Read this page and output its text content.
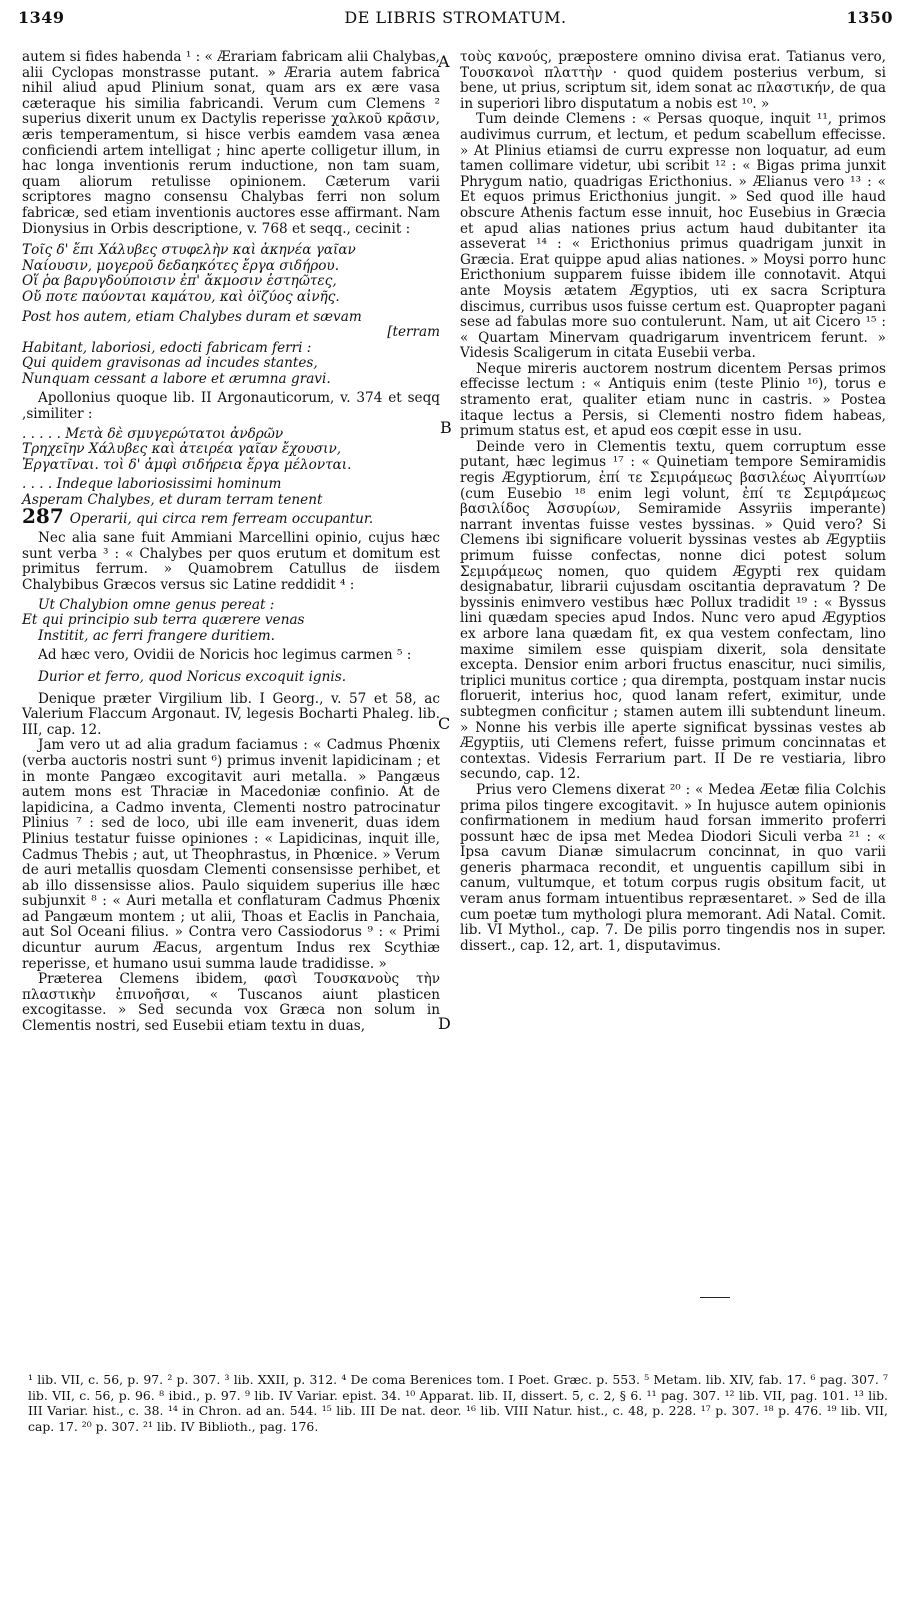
1349	DE LIBRIS STROMATUM.	1350
A
B
C
D

autem si fides habenda ¹ : « Ærariam fabricam alii Chalybas, alii Cyclopas monstrasse putant. » Æraria autem fabrica nihil aliud apud Plinium sonat, quam ars ex ære vasa cæteraque his similia fabricandi. Verum cum Clemens ² superius dixerit unum ex Dactylis reperisse χαλκοῦ κρᾶσιν, æris temperamentum, si hisce verbis eamdem vasa ænea conficiendi artem intelligat ; hinc aperte colligetur illum, in hac longa inventionis rerum inductione, non tam suam, quam aliorum retulisse opinionem. Cæterum varii scriptores magno consensu Chalybas ferri non solum fabricæ, sed etiam inventionis auctores esse affirmant. Nam Dionysius in Orbis descriptione, v. 768 et seqq., cecinit :

Τοῖς δ' ἔπι Χάλυβες στυφελὴν καὶ ἀκηνέα γαῖαν
Ναίουσιν, μογεροῦ δεδαηκότες ἔργα σιδήρου.
Οἵ ῥα βαρυγδούποισιν ἐπ' ἄκμοσιν ἑστηῶτες,
Οὔ ποτε παύονται καμάτου, καὶ ὀϊζύος αἰνῆς.
Post hos autem, etiam Chalybes duram et sævam
[terram
Habitant, laboriosi, edocti fabricam ferri :
Qui quidem gravisonas ad incudes stantes,
Nunquam cessant a labore et ærumna gravi.

Apollonius quoque lib. II Argonauticorum, v. 374 et seqq ,similiter :

. . . . . Μετὰ δὲ σμυγερώτατοι ἀνδρῶν
Τρηχεῖην Χάλυβες καὶ ἀτειρέα γαῖαν ἔχουσιν,
Ἐργατῖναι. τοὶ δ' ἀμφὶ σιδήρεια ἔργα μέλονται.
. . . . Indeque laboriosissimi hominum
Asperam Chalybes, et duram terram tenent
287 Operarii, qui circa rem ferream occupantur.

Nec alia sane fuit Ammiani Marcellini opinio, cujus hæc sunt verba ³ : « Chalybes per quos erutum et domitum est primitus ferrum. » Quamobrem Catullus de iisdem Chalybibus Græcos versus sic Latine reddidit ⁴ :

Ut Chalybion omne genus pereat :
Et qui principio sub terra quærere venas
Institit, ac ferri frangere duritiem.

Ad hæc vero, Ovidii de Noricis hoc legimus carmen ⁵ :

Durior et ferro, quod Noricus excoquit ignis.

Denique præter Virgilium lib. I Georg., v. 57 et 58, ac Valerium Flaccum Argonaut. IV, legesis Bocharti Phaleg. lib. III, cap. 12.

Jam vero ut ad alia gradum faciamus : « Cadmus Phœnix (verba auctoris nostri sunt ⁶) primus invenit lapidicinam ; et in monte Pangæo excogitavit auri metalla. » Pangæus autem mons est Thraciæ in Macedoniæ confinio. At de lapidicina, a Cadmo inventa, Clementi nostro patrocinatur Plinius ⁷ : sed de loco, ubi ille eam invenerit, duas idem Plinius testatur fuisse opiniones : « Lapidicinas, inquit ille, Cadmus Thebis ; aut, ut Theophrastus, in Phœnice. » Verum de auri metallis quosdam Clementi consensisse perhibet, et ab illo dissensisse alios. Paulo siquidem superius ille hæc subjunxit ⁸ : « Auri metalla et conflaturam Cadmus Phœnix ad Pangæum montem ; ut alii, Thoas et Eaclis in Panchaia, aut Sol Oceani filius. » Contra vero Cassiodorus ⁹ : « Primi dicuntur aurum Æacus, argentum Indus rex Scythiæ reperisse, et humano usui summa laude tradidisse. »

Præterea Clemens ibidem, φασὶ Τουσκανοὺς τὴν πλαστικὴν ἐπινοῆσαι, « Tuscanos aiunt plasticen excogitasse. » Sed secunda vox Græca non solum in Clementis nostri, sed Eusebii etiam textu in duas,

τοὺς κανούς, præpostere omnino divisa erat. Tatianus vero, Τουσκανοὶ πλαττὴν · quod quidem posterius verbum, si bene, ut prius, scriptum sit, idem sonat ac πλαστικήν, de qua in superiori libro disputatum a nobis est ¹⁰. »

Tum deinde Clemens : « Persas quoque, inquit ¹¹, primos audivimus currum, et lectum, et pedum scabellum effecisse. » At Plinius etiamsi de curru expresse non loquatur, ad eum tamen collimare videtur, ubi scribit ¹² : « Bigas prima junxit Phrygum natio, quadrigas Ericthonius. » Ælianus vero ¹³ : « Et equos primus Ericthonius jungit. » Sed quod ille haud obscure Athenis factum esse innuit, hoc Eusebius in Græcia et apud alias nationes prius actum haud dubitanter ita asseverat ¹⁴ : « Ericthonius primus quadrigam junxit in Græcia. Erat quippe apud alias nationes. » Moysi porro hunc Ericthonium supparem fuisse ibidem ille connotavit. Atqui ante Moysis ætatem Ægyptios, uti ex sacra Scriptura discimus, curribus usos fuisse certum est. Quapropter pagani sese ad fabulas more suo contulerunt. Nam, ut ait Cicero ¹⁵ : « Quartam Minervam quadrigarum inventricem ferunt. » Videsis Scaligerum in citata Eusebii verba.

Neque mireris auctorem nostrum dicentem Persas primos effecisse lectum : « Antiquis enim (teste Plinio ¹⁶), torus e stramento erat, qualiter etiam nunc in castris. » Postea itaque lectus a Persis, si Clementi nostro fidem habeas, primum status est, et apud eos cœpit esse in usu.

Deinde vero in Clementis textu, quem corruptum esse putant, hæc legimus ¹⁷ : « Quinetiam tempore Semiramidis regis Ægyptiorum, ἐπί τε Σεμιράμεως βασιλέως Αἰγυπτίων (cum Eusebio ¹⁸ enim legi volunt, ἐπί τε Σεμιράμεως βασιλίδος Ἀσσυρίων, Semiramide Assyriis imperante) narrant inventas fuisse vestes byssinas. » Quid vero? Si Clemens ibi significare voluerit byssinas vestes ab Ægyptiis primum fuisse confectas, nonne dici potest solum Σεμιράμεως nomen, quo quidem Ægypti rex quidam designabatur, librarii cujusdam oscitantia depravatum ? De byssinis enimvero vestibus hæc Pollux tradidit ¹⁹ : « Byssus lini quædam species apud Indos. Nunc vero apud Ægyptios ex arbore lana quædam fit, ex qua vestem confectam, lino maxime similem esse quispiam dixerit, sola densitate excepta. Densior enim arbori fructus enascitur, nuci similis, triplici munitus cortice ; qua dirempta, postquam instar nucis floruerit, interius hoc, quod lanam refert, eximitur, unde subtegmen conficitur ; stamen autem illi subtendunt lineum. » Nonne his verbis ille aperte significat byssinas vestes ab Ægyptiis, uti Clemens refert, fuisse primum concinnatas et contextas. Videsis Ferrarium part. II De re vestiaria, libro secundo, cap. 12.

Prius vero Clemens dixerat ²⁰ : « Medea Æetæ filia Colchis prima pilos tingere excogitavit. » In hujusce autem opinionis confirmationem in medium haud forsan immerito proferri possunt hæc de ipsa met Medea Diodori Siculi verba ²¹ : « Ipsa cavum Dianæ simulacrum concinnat, in quo varii generis pharmaca recondit, et unguentis capillum sibi in canum, vultumque, et totum corpus rugis obsitum facit, ut veram anus formam intuentibus repræsentaret. » Sed de illa cum poetæ tum mythologi plura memorant. Adi Natal. Comit. lib. VI Mythol., cap. 7. De pilis porro tingendis nos in super. dissert., cap. 12, art. 1, disputavimus.

¹ lib. VII, c. 56, p. 97. ² p. 307. ³ lib. XXII, p. 312. ⁴ De coma Berenices tom. I Poet. Græc. p. 553. ⁵ Metam. lib. XIV, fab. 17. ⁶ pag. 307. ⁷ lib. VII, c. 56, p. 96. ⁸ ibid., p. 97. ⁹ lib. IV Variar. epist. 34. ¹⁰ Apparat. lib. II, dissert. 5, c. 2, § 6. ¹¹ pag. 307. ¹² lib. VII, pag. 101. ¹³ lib. III Variar. hist., c. 38. ¹⁴ in Chron. ad an. 544. ¹⁵ lib. III De nat. deor. ¹⁶ lib. VIII Natur. hist., c. 48, p. 228. ¹⁷ p. 307. ¹⁸ p. 476. ¹⁹ lib. VII, cap. 17. ²⁰ p. 307. ²¹ lib. IV Biblioth., pag. 176.
